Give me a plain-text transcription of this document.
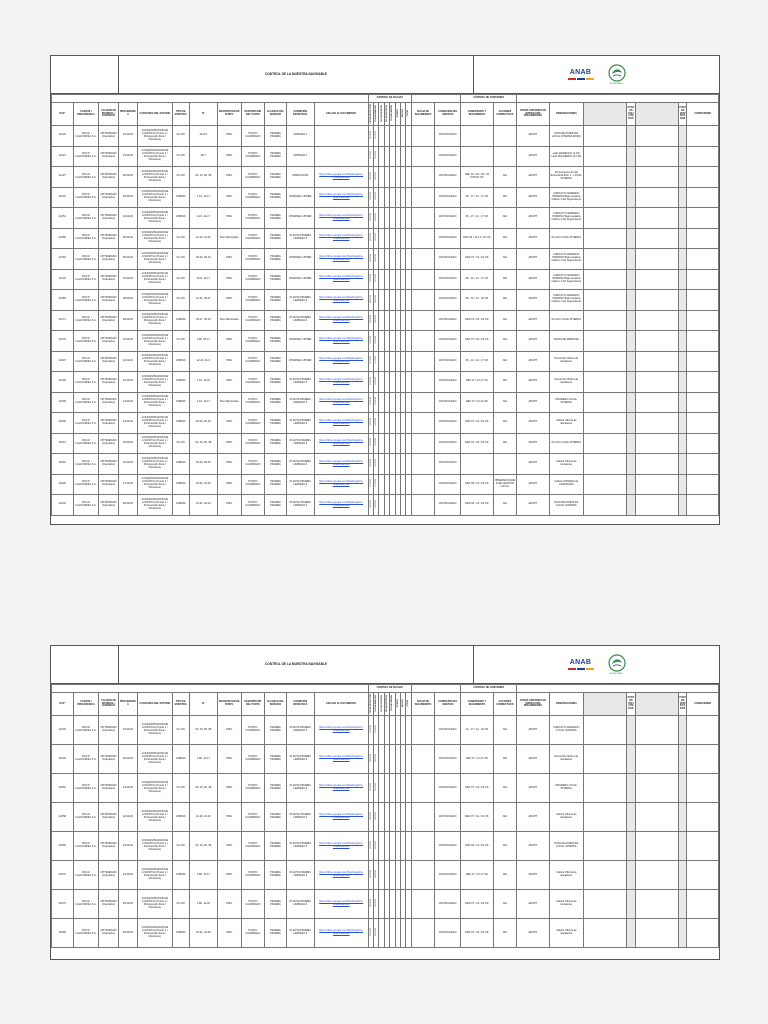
CONTROL DE LA MUESTRA NAVIGABLE	ANAB
ACREDITADO
												CONTROL DE FECHAS										CONTROL DE CONTENIDO								
ID Nº	CLIENTE / PROCEDENCIA	CALIDAD DE MATERIAL / AUDIENCIA	PROCEDENCIA	CATEGORIA DEL ESTUDIO	TIPO DE MUESTRA	Nº	DESCRIPCION DE PUNTO	DESCRIPCION DEL PUNTO	ALCANCE DEL SERVICIO	CONDICIÓN ESPECÍFICA	ENLACE AL DOCUMENTO	FECHA RECEPCIÓN	FECHA ANÁLISIS	FECHA REVISIÓN	FECHA ENTREGA	FECHA EMISIÓN	ESTADO	VALIDEZ	COPIA	FECHA DE SEGUIMIENTO	CONDICIÓN DEL SERVICIO	COMENTARIO Y SEGUIMIENTO	ACCIONES CORRECTIVAS	OTROS CRITERIOS DE INSPECCIÓN PRELIMINARES	OBSERVACIONES		PUNTOS SOLICITADOS		PUNTOS VERIFICADOS	CONDICIONES
22120	ROCO CALIFORNIA S.A.	OPTIMIZADO (Operativo)	01/12/23	CONCENTRADOR DE LOGÍSTICA (Punto 1 / Pertenecido Zona / Monitoreo)	FLUJO	22-8-0	PISO	PUNTO CALIBRADO	PRUEBA PRUEBA	LIMPIEZA 1		01/12/23	01/12/23								EN PROCESO			ADOPT	DATA DE MUESTRA LOCAL INTERNA MURO					
22121	ROCO CALIFORNIA S.A.	OPTIMIZADO (Operativo)	01/12/23	CONCENTRADOR DE LOGÍSTICA (Punto 1 / Pertenecido Zona / Monitoreo)	FLUJO	28-7	PISO	PUNTO CALIBRADO	PRUEBA PRUEBA	LIMPIEZA 1		01/12/23	01/12/23								EN PROCESO			ADOPT	Lado DERECHO (1-16) Lado IZQUIERDO (17-32)					
22127	ROCO CALIFORNIA S.A.	OPTIMIZADO (Operativo)	02/12/23	CONCENTRADOR DE LOGÍSTICA (Punto 1 / Pertenecido Zona / Monitoreo)	FLUJO	02, 04, 06, 08	PISO	PUNTO CALIBRADO	PRUEBA PRUEBA	INSPECCIÓN	https://drive.google.com/file/d/registro-muestras/view	02/12/23	02/12/23								EN PROCESO	DEF 01 / 02 / 03 / 04 TODOS OK	N/A	ADOPT	Protecciones de dal Estructural-Piso 1 - LOCAL INTERNA					
22137	ROCO CALIFORNIA S.A.	OPTIMIZADO (Operativo)	03/12/23	CONCENTRADOR DE LOGÍSTICA (Punto 1 / Pertenecido Zona / Monitoreo)	CABINA	1-10, 10-17	PISO	PUNTO CALIBRADO	PRUEBA PRUEBA	INTERNAL UPPER	https://drive.google.com/file/d/registro-muestras/view	03/12/23	03/12/23								EN PROCESO	08 - 17 / 12 - 17 OK	N/A	ADOPT	CIRCUITO CERRADO INTERNO Bajo escalera Cabina 1 del Seguimiento					
22151	ROCO CALIFORNIA S.A.	OPTIMIZADO (Operativo)	04/12/23	CONCENTRADOR DE LOGÍSTICA (Punto 1 / Pertenecido Zona / Monitoreo)	CABINA	4-10, 12-17	PISO	PUNTO CALIBRADO	PRUEBA PRUEBA	INTERNAL UPPER	https://drive.google.com/file/d/registro-muestras/view	04/12/23	04/12/23								EN PROCESO	08 - 17 / 12 - 17 OK	N/A	ADOPT	CIRCUITO CERRADO INTERNO Bajo escalera Cabina 1 del Seguimiento					
22156	ROCO CALIFORNIA S.A.	OPTIMIZADO (Operativo)	05/12/23	CONCENTRADOR DE LOGÍSTICA (Punto 1 / Pertenecido Zona / Monitoreo)	FLUJO	12-20, 22-22	Piso Marmolado	PUNTO CALIBRADO	PRUEBA PRUEBA	PLANTA PRUEBA LIMPIEZA 3	https://drive.google.com/file/d/registro-muestras/view	05/12/23	05/12/23								EN PROCESO	DEF 06 / 12-17 / 22 OK	N/A	ADOPT	FLUJO LOCAL INTERNA					
22163	ROCO CALIFORNIA S.A.	OPTIMIZADO (Operativo)	06/12/23	CONCENTRADOR DE LOGÍSTICA (Punto 1 / Pertenecido Zona / Monitoreo)	FLUJO	02-04, 09-16	PISO	PUNTO CALIBRADO	PRUEBA PRUEBA	INTERNAL UPPER	https://drive.google.com/file/d/registro-muestras/view	06/12/23	06/12/23								EN PROCESO	DEF 07 / 12 / 22 OK	N/A	ADOPT	CIRCUITO CERRADO INTERNO Bajo escalera Cabina 1 del Seguimiento					
22170	ROCO CALIFORNIA S.A.	OPTIMIZADO (Operativo)	07/12/23	CONCENTRADOR DE LOGÍSTICA (Punto 1 / Pertenecido Zona / Monitoreo)	FLUJO	22-8, 12-17	PISO	PUNTO CALIBRADO	PRUEBA PRUEBA	INTERNAL UPPER	https://drive.google.com/file/d/registro-muestras/view	07/12/23	07/12/23								EN PROCESO	08 - 12 / 12 - 17 OK	N/A	ADOPT	CIRCUITO CERRADO INTERNO Bajo escalera Cabina 1 del Seguimiento					
22184	ROCO CALIFORNIA S.A.	OPTIMIZADO (Operativo)	08/12/23	CONCENTRADOR DE LOGÍSTICA (Punto 1 / Pertenecido Zona / Monitoreo)	FLUJO	12-21, 28-27	PISO	PUNTO CALIBRADO	PRUEBA PRUEBA	PLANTA PRUEBA LIMPIEZA 3	https://drive.google.com/file/d/registro-muestras/view	08/12/23	08/12/23								EN PROCESO	08 - 12 / 12 - 22 OK	N/A	ADOPT	CIRCUITO CERRADO INTERNO Bajo escalera Cabina 1 del Seguimiento					
22171	ROCO CALIFORNIA S.A.	OPTIMIZADO (Operativo)	09/12/23	CONCENTRADOR DE LOGÍSTICA (Punto 1 / Pertenecido Zona / Monitoreo)	CABINA	03-07, 09-15	Piso Marmolado	PUNTO CALIBRADO	PRUEBA PRUEBA	PLANTA PRUEBA LIMPIEZA 3	https://drive.google.com/file/d/registro-muestras/view	09/12/23	09/12/23								EN PROCESO	DEF 01 / 02 / 22 OK	N/A	ADOPT	FLUJO LOCAL INTERNA					
22179	ROCO CALIFORNIA S.A.	OPTIMIZADO (Operativo)	10/12/23	CONCENTRADOR DE LOGÍSTICA (Punto 1 / Pertenecido Zona / Monitoreo)	FLUJO	1-80, 05-17	PISO	PUNTO CALIBRADO	PRUEBA PRUEBA	INTERNAL UPPER	https://drive.google.com/file/d/registro-muestras/view	10/12/23	10/12/23								EN PROCESO	DEF 07 / 02 / 22 OK	N/A	ADOPT	ZANJA DE DRENAJE					
22197	ROCO CALIFORNIA S.A.	OPTIMIZADO (Operativo)	11/12/23	CONCENTRADOR DE LOGÍSTICA (Punto 1 / Pertenecido Zona / Monitoreo)	CABINA	12-20, 21-3	PISO	PUNTO CALIBRADO	PRUEBA PRUEBA	INTERNAL UPPER	https://drive.google.com/file/d/registro-muestras/view	11/12/23	11/12/23								EN PROCESO	08 - 12 / 12 - 17 OK	N/A	ADOPT	Recorrido Oficina de Escaleras					
22193	ROCO CALIFORNIA S.A.	OPTIMIZADO (Operativo)	12/12/23	CONCENTRADOR DE LOGÍSTICA (Punto 1 / Pertenecido Zona / Monitoreo)	CABINA	1-10, 12-16	PISO	PUNTO CALIBRADO	PRUEBA PRUEBA	PLANTA PRUEBA LIMPIEZA 3	https://drive.google.com/file/d/registro-muestras/view	12/12/23	12/12/23								EN PROCESO	DEF 07 / 12-17 OK	N/A	ADOPT	Recorrido Oficina de Escaleras					
22200	ROCO CALIFORNIA S.A.	OPTIMIZADO (Operativo)	13/12/23	CONCENTRADOR DE LOGÍSTICA (Punto 1 / Pertenecido Zona / Monitoreo)	CABINA	1-10, 12-17	Piso Marmolado	PUNTO CALIBRADO	PRUEBA PRUEBA	PLANTA PRUEBA LIMPIEZA 3	https://drive.google.com/file/d/registro-muestras/view	13/12/23	13/12/23								EN PROCESO	DEF 07 / 12-22 OK	N/A	ADOPT	PRUEBAS LOCAL INTERNA					
22206	ROCO CALIFORNIA S.A.	OPTIMIZADO (Operativo)	14/12/23	CONCENTRADOR DE LOGÍSTICA (Punto 1 / Pertenecido Zona / Monitoreo)	CABINA	02-04, 06-18	PISO	PUNTO CALIBRADO	PRUEBA PRUEBA	PLANTA PRUEBA LIMPIEZA 3	https://drive.google.com/file/d/registro-muestras/view	14/12/23	14/12/23								EN PROCESO	DEF 07 / 12 / 22 OK	N/A	ADOPT	Cabina Oficina de Escaleras					
22213	ROCO CALIFORNIA S.A.	OPTIMIZADO (Operativo)	15/12/23	CONCENTRADOR DE LOGÍSTICA (Punto 1 / Pertenecido Zona / Monitoreo)	FLUJO	02, 04, 06, 08	PISO	PUNTO CALIBRADO	PRUEBA PRUEBA	PLANTA PRUEBA LIMPIEZA 3	https://drive.google.com/file/d/registro-muestras/view	15/12/23	15/12/23								EN PROCESO	DEF 01 / 12 / 22 OK	N/A	ADOPT	FLUJO LOCAL INTERNA					
22219	ROCO CALIFORNIA S.A.	OPTIMIZADO (Operativo)	16/12/23	CONCENTRADOR DE LOGÍSTICA (Punto 1 / Pertenecido Zona / Monitoreo)	CABINA	02-04, 09-16	PISO	PUNTO CALIBRADO	PRUEBA PRUEBA	PLANTA PRUEBA LIMPIEZA 3	https://drive.google.com/file/d/registro-muestras/view	16/12/23	16/12/23								EN PROCESO			ADOPT	Cabina Oficina de Escaleras					
22226	ROCO CALIFORNIA S.A.	OPTIMIZADO (Operativo)	17/12/23	CONCENTRADOR DE LOGÍSTICA (Punto 1 / Pertenecido Zona / Monitoreo)	CABINA	23-01, 23-20	PISO	PUNTO CALIBRADO	PRUEBA PRUEBA	PLANTA PRUEBA LIMPIEZA 3	https://drive.google.com/file/d/registro-muestras/view	17/12/23	17/12/23								EN PROCESO	DEF 06 / 12 / 22 OK	OBSERVACIONES DE GESTIÓN LOCAL	ADOPT	Cabina INTERNA de AGRUPADO					
22233	ROCO CALIFORNIA S.A.	OPTIMIZADO (Operativo)	18/12/23	CONCENTRADOR DE LOGÍSTICA (Punto 1 / Pertenecido Zona / Monitoreo)	CABINA	01-01, 02-04	PISO	PUNTO CALIBRADO	PRUEBA PRUEBA	PLANTA PRUEBA LIMPIEZA 3	https://drive.google.com/file/d/registro-muestras/view	18/12/23	18/12/23								EN PROCESO	DEF 06 / 12 / 22 OK	N/A	ADOPT	DATA DE MUESTRA LOCAL INTERNA					
CONTROL DE LA MUESTRA NAVIGABLE	ANAB
ACREDITADO
												CONTROL DE FECHAS										CONTROL DE CONTENIDO								
ID Nº	CLIENTE / PROCEDENCIA	CALIDAD DE MATERIAL / AUDIENCIA	PROCEDENCIA	CATEGORIA DEL ESTUDIO	TIPO DE MUESTRA	Nº	DESCRIPCION DE PUNTO	DESCRIPCION DEL PUNTO	ALCANCE DEL SERVICIO	CONDICIÓN ESPECÍFICA	ENLACE AL DOCUMENTO	FECHA RECEPCIÓN	FECHA ANÁLISIS	FECHA REVISIÓN	FECHA ENTREGA	FECHA EMISIÓN	ESTADO	VALIDEZ	COPIA	FECHA DE SEGUIMIENTO	CONDICIÓN DEL SERVICIO	COMENTARIO Y SEGUIMIENTO	ACCIONES CORRECTIVAS	OTROS CRITERIOS DE INSPECCIÓN PRELIMINARES	OBSERVACIONES		PUNTOS SOLICITADOS		PUNTOS VERIFICADOS	CONDICIONES
22240	ROCO CALIFORNIA S.A.	OPTIMIZADO (Operativo)	19/12/23	CONCENTRADOR DE LOGÍSTICA (Punto 1 / Pertenecido Zona / Monitoreo)	FLUJO	02, 04, 06, 08	PISO	PUNTO CALIBRADO	PRUEBA PRUEBA	PLANTA PRUEBA LIMPIEZA 3	https://drive.google.com/file/d/registro-muestras/view	19/12/23	19/12/23								EN PROCESO	12 - 17 / 12 - 22 OK	N/A	ADOPT	CIRCUITO CERRADO LOCAL INTERNA					
22246	ROCO CALIFORNIA S.A.	OPTIMIZADO (Operativo)	20/12/23	CONCENTRADOR DE LOGÍSTICA (Punto 1 / Pertenecido Zona / Monitoreo)	CABINA	1-80, 12-17	PISO	PUNTO CALIBRADO	PRUEBA PRUEBA	PLANTA PRUEBA LIMPIEZA 3	https://drive.google.com/file/d/registro-muestras/view	20/12/23	20/12/23								EN PROCESO	DEF 07 / 12-17 OK	N/A	ADOPT	Recorrido Oficina de Escaleras					
22252	ROCO CALIFORNIA S.A.	OPTIMIZADO (Operativo)	21/12/23	CONCENTRADOR DE LOGÍSTICA (Punto 1 / Pertenecido Zona / Monitoreo)	FLUJO	02, 04, 06, 08	PISO	PUNTO CALIBRADO	PRUEBA PRUEBA	PLANTA PRUEBA LIMPIEZA 3	https://drive.google.com/file/d/registro-muestras/view	21/12/23	21/12/23								EN PROCESO	DEF 07 / 12 / 22 OK	N/A	ADOPT	PRUEBAS LOCAL INTERNA					
22258	ROCO CALIFORNIA S.A.	OPTIMIZADO (Operativo)	22/12/23	CONCENTRADOR DE LOGÍSTICA (Punto 1 / Pertenecido Zona / Monitoreo)	CABINA	12-20, 22-22	PISO	PUNTO CALIBRADO	PRUEBA PRUEBA	PLANTA PRUEBA LIMPIEZA 3	https://drive.google.com/file/d/registro-muestras/view	22/12/23	22/12/23								EN PROCESO	DEF 07 / 12 / 22 OK	N/A	ADOPT	Cabina Oficina de Escaleras					
22265	ROCO CALIFORNIA S.A.	OPTIMIZADO (Operativo)	23/12/23	CONCENTRADOR DE LOGÍSTICA (Punto 1 / Pertenecido Zona / Monitoreo)	FLUJO	02, 04, 06, 08	PISO	PUNTO CALIBRADO	PRUEBA PRUEBA	PLANTA PRUEBA LIMPIEZA 3	https://drive.google.com/file/d/registro-muestras/view	23/12/23	23/12/23								EN PROCESO	DEF 06 / 12 / 22 OK	N/A	ADOPT	DATA DE MUESTRA LOCAL INTERNA					
22272	ROCO CALIFORNIA S.A.	OPTIMIZADO (Operativo)	24/12/23	CONCENTRADOR DE LOGÍSTICA (Punto 1 / Pertenecido Zona / Monitoreo)	CABINA	1-80, 12-17	PISO	PUNTO CALIBRADO	PRUEBA PRUEBA	PLANTA PRUEBA LIMPIEZA 3	https://drive.google.com/file/d/registro-muestras/view	24/12/23	24/12/23								EN PROCESO	DEF 07 / 12-17 OK	N/A	ADOPT	Cabina Oficina de Escaleras					
22279	ROCO CALIFORNIA S.A.	OPTIMIZADO (Operativo)	25/12/23	CONCENTRADOR DE LOGÍSTICA (Punto 1 / Pertenecido Zona / Monitoreo)	FLUJO	1-80, 12-20	PISO	PUNTO CALIBRADO	PRUEBA PRUEBA	PLANTA PRUEBA LIMPIEZA 3	https://drive.google.com/file/d/registro-muestras/view	25/12/23	25/12/23								EN PROCESO	DEF 07 / 12 / 22 OK	N/A	ADOPT	Cabina Oficina de Escaleras					
22285	ROCO CALIFORNIA S.A.	OPTIMIZADO (Operativo)	26/12/23	CONCENTRADOR DE LOGÍSTICA (Punto 1 / Pertenecido Zona / Monitoreo)	CABINA	23-01, 23-20	PISO	PUNTO CALIBRADO	PRUEBA PRUEBA	PLANTA PRUEBA LIMPIEZA 3	https://drive.google.com/file/d/registro-muestras/view	26/12/23	26/12/23								EN PROCESO	DEF 07 / 12 / 22 OK	N/A	ADOPT	Cabina Oficina de Escaleras					
